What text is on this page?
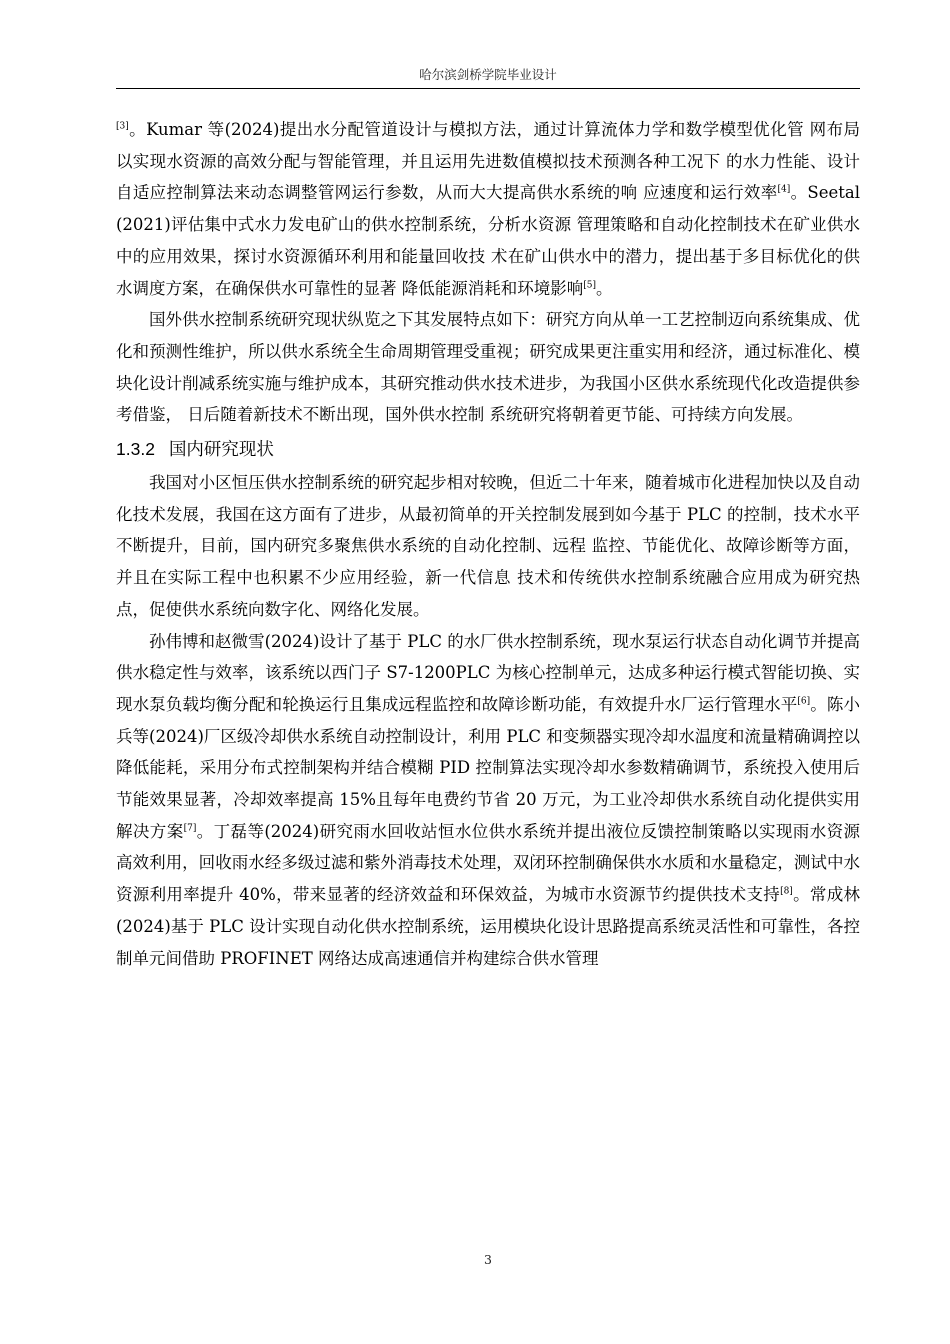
哈尔滨剑桥学院毕业设计

[3]。Kumar 等(2024)提出水分配管道设计与模拟方法，通过计算流体力学和数学模型优化管 网布局以实现水资源的高效分配与智能管理，并且运用先进数值模拟技术预测各种工况下 的水力性能、设计自适应控制算法来动态调整管网运行参数，从而大大提高供水系统的响 应速度和运行效率[4]。Seetal(2021)评估集中式水力发电矿山的供水控制系统，分析水资源 管理策略和自动化控制技术在矿业供水中的应用效果，探讨水资源循环利用和能量回收技 术在矿山供水中的潜力，提出基于多目标优化的供水调度方案，在确保供水可靠性的显著 降低能源消耗和环境影响[5]。

国外供水控制系统研究现状纵览之下其发展特点如下：研究方向从单一工艺控制迈向系统集成、优化和预测性维护，所以供水系统全生命周期管理受重视；研究成果更注重实用和经济，通过标准化、模块化设计削减系统实施与维护成本，其研究推动供水技术进步，为我国小区供水系统现代化改造提供参考借鉴， 日后随着新技术不断出现，国外供水控制 系统研究将朝着更节能、可持续方向发展。

1.3.2 国内研究现状

我国对小区恒压供水控制系统的研究起步相对较晚，但近二十年来，随着城市化进程加快以及自动化技术发展，我国在这方面有了进步，从最初简单的开关控制发展到如今基于 PLC 的控制，技术水平不断提升，目前，国内研究多聚焦供水系统的自动化控制、远程 监控、节能优化、故障诊断等方面，并且在实际工程中也积累不少应用经验，新一代信息 技术和传统供水控制系统融合应用成为研究热点，促使供水系统向数字化、网络化发展。

孙伟博和赵微雪(2024)设计了基于 PLC 的水厂供水控制系统，现水泵运行状态自动化调节并提高供水稳定性与效率，该系统以西门子 S7-1200PLC 为核心控制单元，达成多种运行模式智能切换、实现水泵负载均衡分配和轮换运行且集成远程监控和故障诊断功能，有效提升水厂运行管理水平[6]。陈小兵等(2024)厂区级冷却供水系统自动控制设计，利用 PLC 和变频器实现冷却水温度和流量精确调控以降低能耗，采用分布式控制架构并结合模糊 PID 控制算法实现冷却水参数精确调节，系统投入使用后节能效果显著，冷却效率提高 15%且每年电费约节省 20 万元，为工业冷却供水系统自动化提供实用解决方案[7]。丁磊等(2024)研究雨水回收站恒水位供水系统并提出液位反馈控制策略以实现雨水资源高效利用，回收雨水经多级过滤和紫外消毒技术处理，双闭环控制确保供水水质和水量稳定，测试中水资源利用率提升 40%，带来显著的经济效益和环保效益，为城市水资源节约提供技术支持[8]。常成林(2024)基于 PLC 设计实现自动化供水控制系统，运用模块化设计思路提高系统灵活性和可靠性，各控制单元间借助 PROFINET 网络达成高速通信并构建综合供水管理

3
